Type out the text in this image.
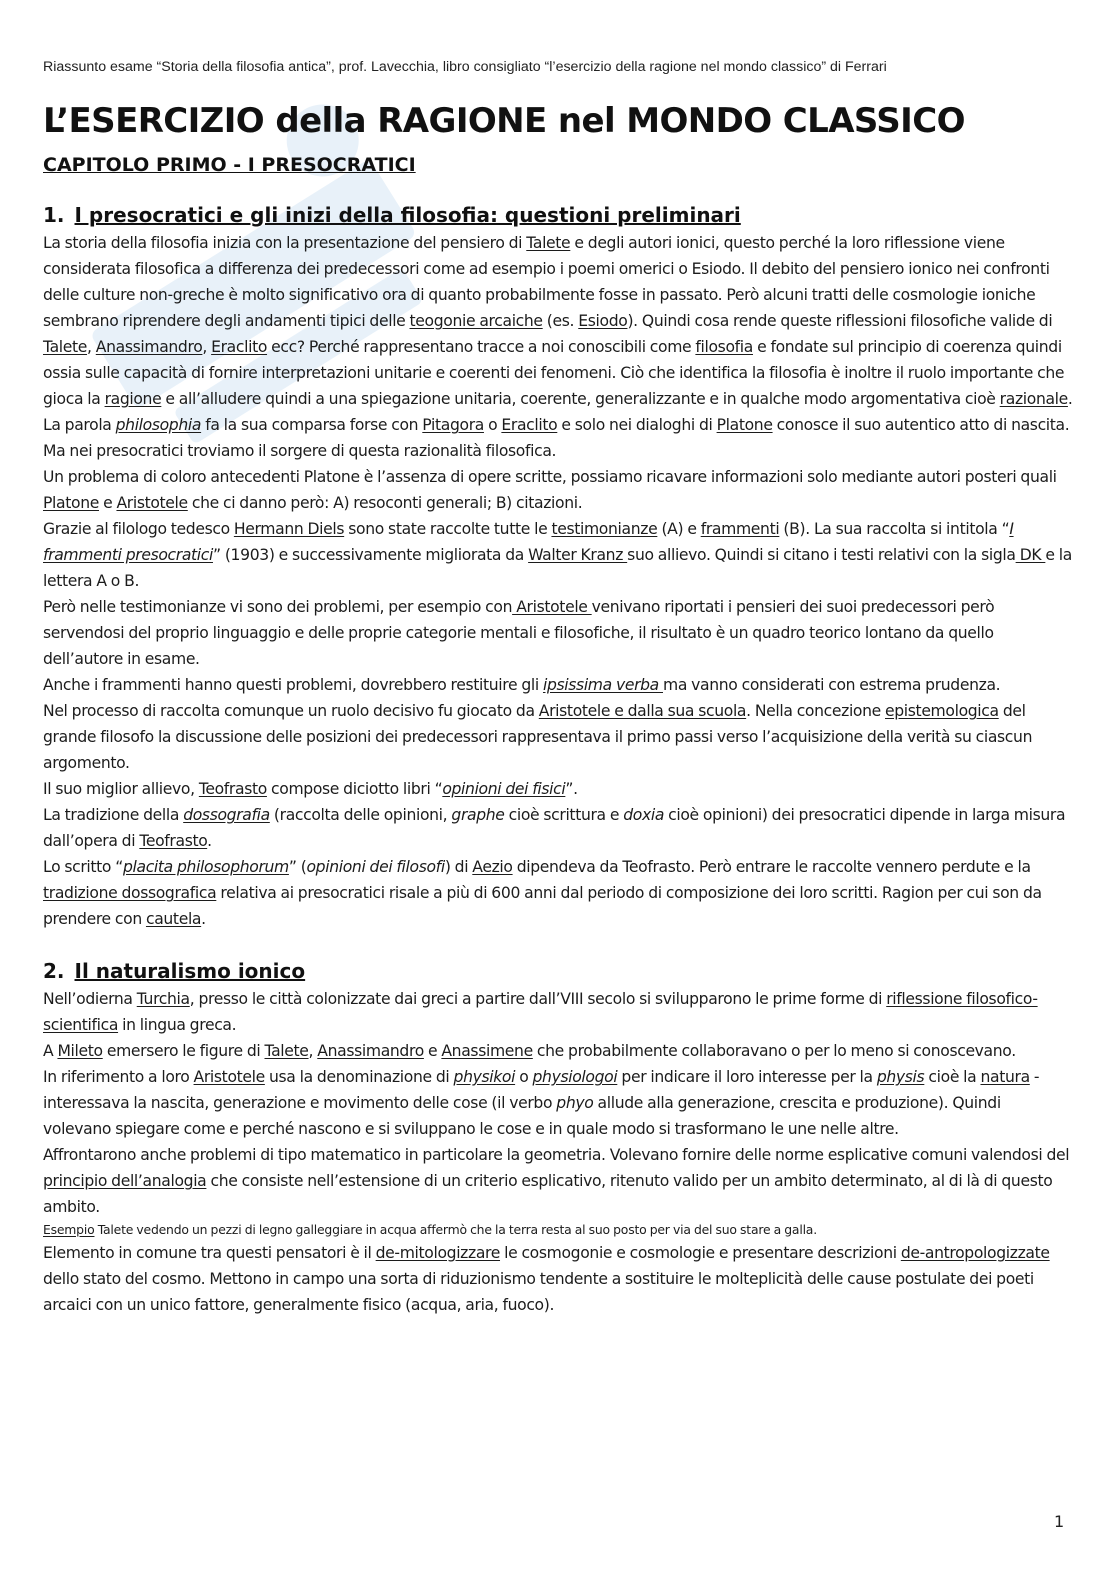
Riassunto esame “Storia della filosofia antica”, prof. Lavecchia, libro consigliato “l’esercizio della ragione nel mondo classico” di Ferrari
L’ESERCIZIO della RAGIONE nel MONDO CLASSICO
CAPITOLO PRIMO - I PRESOCRATICI
1. I presocratici e gli inizi della filosofia: questioni preliminari

La storia della filosofia inizia con la presentazione del pensiero di Talete e degli autori ionici, questo perché la loro riflessione viene considerata filosofica a differenza dei predecessori come ad esempio i poemi omerici o Esiodo. Il debito del pensiero ionico nei confronti delle culture non-greche è molto significativo ora di quanto probabilmente fosse in passato. Però alcuni tratti delle cosmologie ioniche sembrano riprendere degli andamenti tipici delle teogonie arcaiche (es. Esiodo). Quindi cosa rende queste riflessioni filosofiche valide di Talete, Anassimandro, Eraclito ecc? Perché rappresentano tracce a noi conoscibili come filosofia e fondate sul principio di coerenza quindi ossia sulle capacità di fornire interpretazioni unitarie e coerenti dei fenomeni. Ciò che identifica la filosofia è inoltre il ruolo importante che gioca la ragione e all’alludere quindi a una spiegazione unitaria, coerente, generalizzante e in qualche modo argomentativa cioè razionale.

La parola philosophia fa la sua comparsa forse con Pitagora o Eraclito e solo nei dialoghi di Platone conosce il suo autentico atto di nascita. Ma nei presocratici troviamo il sorgere di questa razionalità filosofica.

Un problema di coloro antecedenti Platone è l’assenza di opere scritte, possiamo ricavare informazioni solo mediante autori posteri quali Platone e Aristotele che ci danno però: A) resoconti generali; B) citazioni.

Grazie al filologo tedesco Hermann Diels sono state raccolte tutte le testimonianze (A) e frammenti (B). La sua raccolta si intitola “I frammenti presocratici” (1903) e successivamente migliorata da Walter Kranz suo allievo. Quindi si citano i testi relativi con la sigla DK e la lettera A o B.

Però nelle testimonianze vi sono dei problemi, per esempio con Aristotele venivano riportati i pensieri dei suoi predecessori però servendosi del proprio linguaggio e delle proprie categorie mentali e filosofiche, il risultato è un quadro teorico lontano da quello dell’autore in esame.

Anche i frammenti hanno questi problemi, dovrebbero restituire gli ipsissima verba ma vanno considerati con estrema prudenza.

Nel processo di raccolta comunque un ruolo decisivo fu giocato da Aristotele e dalla sua scuola. Nella concezione epistemologica del grande filosofo la discussione delle posizioni dei predecessori rappresentava il primo passi verso l’acquisizione della verità su ciascun argomento.

Il suo miglior allievo, Teofrasto compose diciotto libri “opinioni dei fisici”.

La tradizione della dossografia (raccolta delle opinioni, graphe cioè scrittura e doxia cioè opinioni) dei presocratici dipende in larga misura dall’opera di Teofrasto.

Lo scritto “placita philosophorum” (opinioni dei filosofi) di Aezio dipendeva da Teofrasto. Però entrare le raccolte vennero perdute e la tradizione dossografica relativa ai presocratici risale a più di 600 anni dal periodo di composizione dei loro scritti. Ragion per cui son da prendere con cautela.

2. Il naturalismo ionico

Nell’odierna Turchia, presso le città colonizzate dai greci a partire dall’VIII secolo si svilupparono le prime forme di riflessione filosofico-scientifica in lingua greca.

A Mileto emersero le figure di Talete, Anassimandro e Anassimene che probabilmente collaboravano o per lo meno si conoscevano.

In riferimento a loro Aristotele usa la denominazione di physikoi o physiologoi per indicare il loro interesse per la physis cioè la natura - interessava la nascita, generazione e movimento delle cose (il verbo phyo allude alla generazione, crescita e produzione). Quindi volevano spiegare come e perché nascono e si sviluppano le cose e in quale modo si trasformano le une nelle altre.

Affrontarono anche problemi di tipo matematico in particolare la geometria. Volevano fornire delle norme esplicative comuni valendosi del principio dell’analogia che consiste nell’estensione di un criterio esplicativo, ritenuto valido per un ambito determinato, al di là di questo ambito.

Esempio Talete vedendo un pezzi di legno galleggiare in acqua affermò che la terra resta al suo posto per via del suo stare a galla.

Elemento in comune tra questi pensatori è il de-mitologizzare le cosmogonie e cosmologie e presentare descrizioni de-antropologizzate dello stato del cosmo. Mettono in campo una sorta di riduzionismo tendente a sostituire le molteplicità delle cause postulate dei poeti arcaici con un unico fattore, generalmente fisico (acqua, aria, fuoco).

1
